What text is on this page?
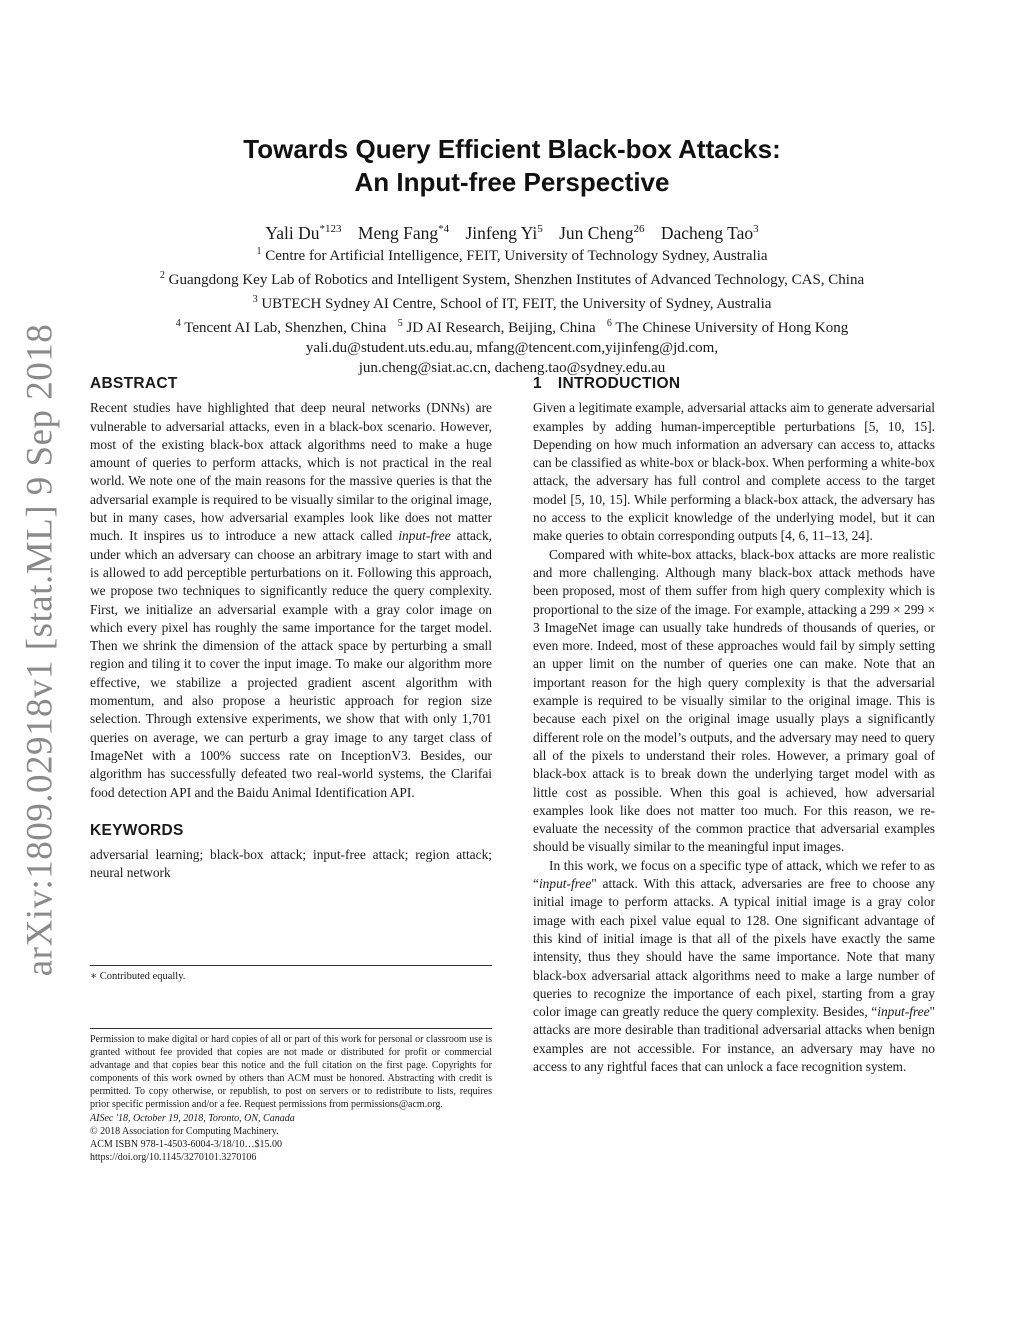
arXiv:1809.02918v1 [stat.ML] 9 Sep 2018
Towards Query Efficient Black-box Attacks:
An Input-free Perspective
Yali Du$^{*123}$ Meng Fang$^{*4}$ Jinfeng Yi$^5$ Jun Cheng$^{26}$ Dacheng Tao$^3$
$^1$ Centre for Artificial Intelligence, FEIT, University of Technology Sydney, Australia
$^2$ Guangdong Key Lab of Robotics and Intelligent System, Shenzhen Institutes of Advanced Technology, CAS, China
$^3$ UBTECH Sydney AI Centre, School of IT, FEIT, the University of Sydney, Australia
$^4$ Tencent AI Lab, Shenzhen, China $^5$ JD AI Research, Beijing, China $^6$ The Chinese University of Hong Kong
yali.du@student.uts.edu.au, mfang@tencent.com,yijinfeng@jd.com,
jun.cheng@siat.ac.cn, dacheng.tao@sydney.edu.au
ABSTRACT

Recent studies have highlighted that deep neural networks (DNNs) are vulnerable to adversarial attacks, even in a black-box scenario. However, most of the existing black-box attack algorithms need to make a huge amount of queries to perform attacks, which is not practical in the real world. We note one of the main reasons for the massive queries is that the adversarial example is required to be visually similar to the original image, but in many cases, how adversarial examples look like does not matter much. It inspires us to introduce a new attack called input-free attack, under which an adversary can choose an arbitrary image to start with and is allowed to add perceptible perturbations on it. Following this approach, we propose two techniques to significantly reduce the query complexity. First, we initialize an adversarial example with a gray color image on which every pixel has roughly the same importance for the target model. Then we shrink the dimension of the attack space by perturbing a small region and tiling it to cover the input image. To make our algorithm more effective, we stabilize a projected gradient ascent algorithm with momentum, and also propose a heuristic approach for region size selection. Through extensive experiments, we show that with only 1,701 queries on average, we can perturb a gray image to any target class of ImageNet with a 100% success rate on InceptionV3. Besides, our algorithm has successfully defeated two real-world systems, the Clarifai food detection API and the Baidu Animal Identification API.

KEYWORDS

adversarial learning; black-box attack; input-free attack; region attack; neural network

∗ Contributed equally.
Permission to make digital or hard copies of all or part of this work for personal or classroom use is granted without fee provided that copies are not made or distributed for profit or commercial advantage and that copies bear this notice and the full citation on the first page. Copyrights for components of this work owned by others than ACM must be honored. Abstracting with credit is permitted. To copy otherwise, or republish, to post on servers or to redistribute to lists, requires prior specific permission and/or a fee. Request permissions from permissions@acm.org.
AISec '18, October 19, 2018, Toronto, ON, Canada
© 2018 Association for Computing Machinery.
ACM ISBN 978-1-4503-6004-3/18/10…$15.00
https://doi.org/10.1145/3270101.3270106
1 INTRODUCTION

Given a legitimate example, adversarial attacks aim to generate adversarial examples by adding human-imperceptible perturbations [5, 10, 15]. Depending on how much information an adversary can access to, attacks can be classified as white-box or black-box. When performing a white-box attack, the adversary has full control and complete access to the target model [5, 10, 15]. While performing a black-box attack, the adversary has no access to the explicit knowledge of the underlying model, but it can make queries to obtain corresponding outputs [4, 6, 11–13, 24].

Compared with white-box attacks, black-box attacks are more realistic and more challenging. Although many black-box attack methods have been proposed, most of them suffer from high query complexity which is proportional to the size of the image. For example, attacking a 299 × 299 × 3 ImageNet image can usually take hundreds of thousands of queries, or even more. Indeed, most of these approaches would fail by simply setting an upper limit on the number of queries one can make. Note that an important reason for the high query complexity is that the adversarial example is required to be visually similar to the original image. This is because each pixel on the original image usually plays a significantly different role on the model’s outputs, and the adversary may need to query all of the pixels to understand their roles. However, a primary goal of black-box attack is to break down the underlying target model with as little cost as possible. When this goal is achieved, how adversarial examples look like does not matter too much. For this reason, we re-evaluate the necessity of the common practice that adversarial examples should be visually similar to the meaningful input images.

In this work, we focus on a specific type of attack, which we refer to as “input-free" attack. With this attack, adversaries are free to choose any initial image to perform attacks. A typical initial image is a gray color image with each pixel value equal to 128. One significant advantage of this kind of initial image is that all of the pixels have exactly the same intensity, thus they should have the same importance. Note that many black-box adversarial attack algorithms need to make a large number of queries to recognize the importance of each pixel, starting from a gray color image can greatly reduce the query complexity. Besides, “input-free" attacks are more desirable than traditional adversarial attacks when benign examples are not accessible. For instance, an adversary may have no access to any rightful faces that can unlock a face recognition system.
